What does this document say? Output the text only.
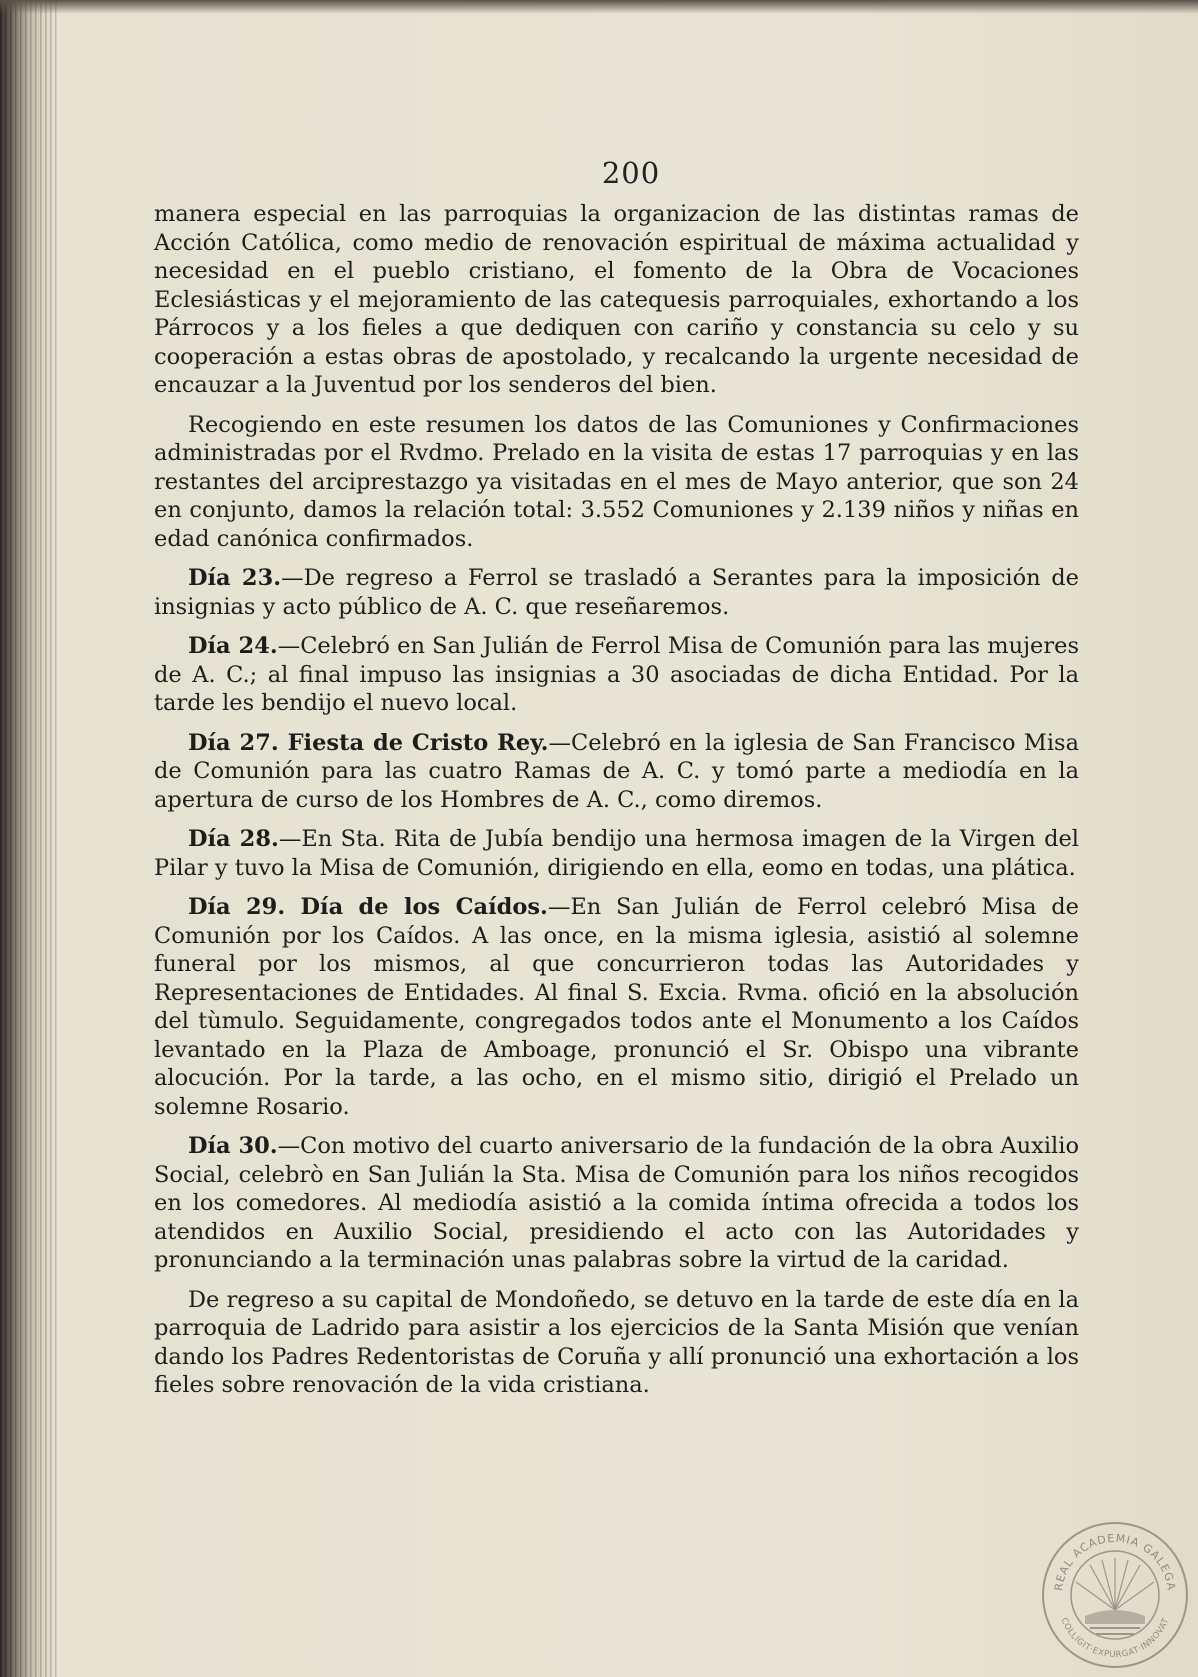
200

manera especial en las parroquias la organizacion de las distintas ramas de Acción Católica, como medio de renovación espiritual de máxima actualidad y necesidad en el pueblo cristiano, el fomento de la Obra de Vocaciones Eclesiásticas y el mejoramiento de las catequesis parroquiales, exhortando a los Párrocos y a los fieles a que dediquen con cariño y constancia su celo y su cooperación a estas obras de apostolado, y recalcando la urgente necesidad de encauzar a la Juventud por los senderos del bien.

Recogiendo en este resumen los datos de las Comuniones y Confirmaciones administradas por el Rvdmo. Prelado en la visita de estas 17 parroquias y en las restantes del arciprestazgo ya visitadas en el mes de Mayo anterior, que son 24 en conjunto, damos la relación total: 3.552 Comuniones y 2.139 niños y niñas en edad canónica confirmados.

Día 23.—De regreso a Ferrol se trasladó a Serantes para la imposición de insignias y acto público de A. C. que reseñaremos.

Día 24.—Celebró en San Julián de Ferrol Misa de Comunión para las mujeres de A. C.; al final impuso las insignias a 30 asociadas de dicha Entidad. Por la tarde les bendijo el nuevo local.

Día 27. Fiesta de Cristo Rey.—Celebró en la iglesia de San Francisco Misa de Comunión para las cuatro Ramas de A. C. y tomó parte a mediodía en la apertura de curso de los Hombres de A. C., como diremos.

Día 28.—En Sta. Rita de Jubía bendijo una hermosa imagen de la Virgen del Pilar y tuvo la Misa de Comunión, dirigiendo en ella, eomo en todas, una plática.

Día 29. Día de los Caídos.—En San Julián de Ferrol celebró Misa de Comunión por los Caídos. A las once, en la misma iglesia, asistió al solemne funeral por los mismos, al que concurrieron todas las Autoridades y Representaciones de Entidades. Al final S. Excia. Rvma. ofició en la absolución del tùmulo. Seguidamente, congregados todos ante el Monumento a los Caídos levantado en la Plaza de Amboage, pronunció el Sr. Obispo una vibrante alocución. Por la tarde, a las ocho, en el mismo sitio, dirigió el Prelado un solemne Rosario.

Día 30.—Con motivo del cuarto aniversario de la fundación de la obra Auxilio Social, celebrò en San Julián la Sta. Misa de Comunión para los niños recogidos en los comedores. Al mediodía asistió a la comida íntima ofrecida a todos los atendidos en Auxilio Social, presidiendo el acto con las Autoridades y pronunciando a la terminación unas palabras sobre la virtud de la caridad.

De regreso a su capital de Mondoñedo, se detuvo en la tarde de este día en la parroquia de Ladrido para asistir a los ejercicios de la Santa Misión que venían dando los Padres Redentoristas de Coruña y allí pronunció una exhortación a los fieles sobre renovación de la vida cristiana.

REAL ACADEMIA GALEGA
COLLIGIT·EXPURGAT·INNOVAT
